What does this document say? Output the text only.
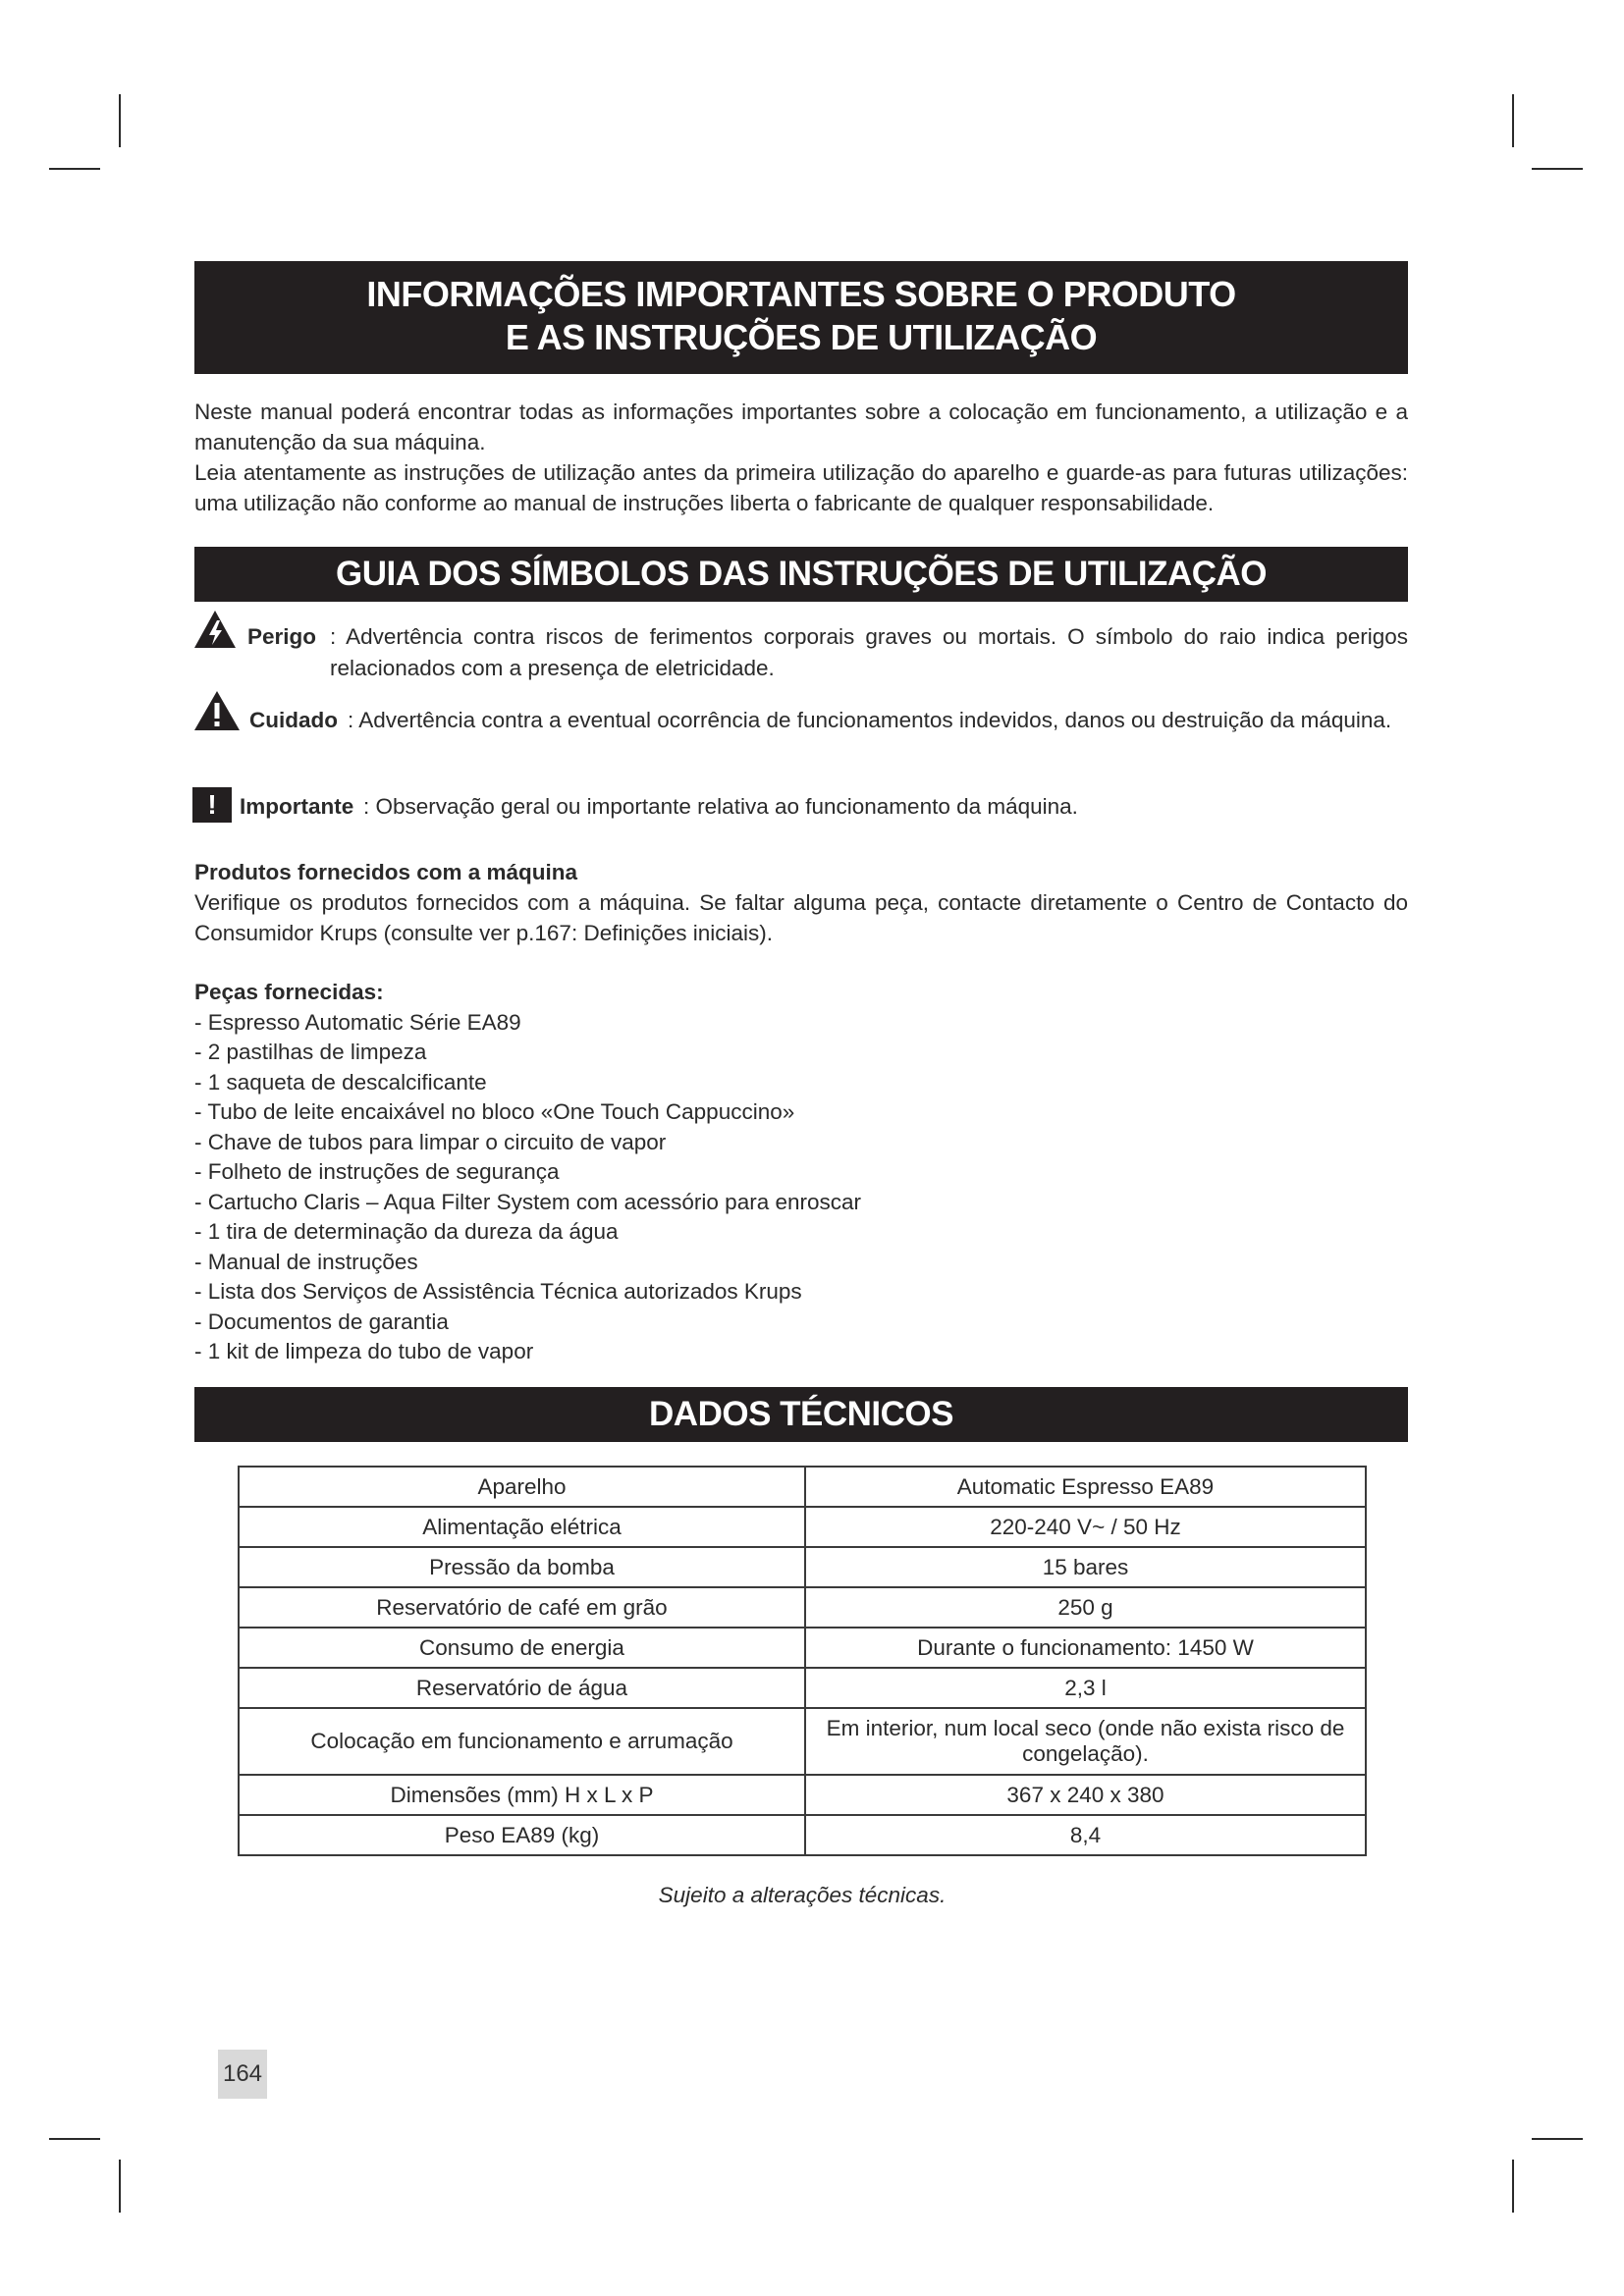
INFORMAÇÕES IMPORTANTES SOBRE O PRODUTO
E AS INSTRUÇÕES DE UTILIZAÇÃO

Neste manual poderá encontrar todas as informações importantes sobre a colocação em funcionamento, a utilização e a manutenção da sua máquina.

Leia atentamente as instruções de utilização antes da primeira utilização do aparelho e guarde-as para futuras utilizações: uma utilização não conforme ao manual de instruções liberta o fabricante de qualquer responsabilidade.

GUIA DOS SÍMBOLOS DAS INSTRUÇÕES DE UTILIZAÇÃO
Perigo : Advertência contra riscos de ferimentos corporais graves ou mortais. O símbolo do raio indica perigos relacionados com a presença de eletricidade.
Cuidado : Advertência contra a eventual ocorrência de funcionamentos indevidos, danos ou destruição da máquina.
!	Importante : Observação geral ou importante relativa ao funcionamento da máquina.
Produtos fornecidos com a máquina

Verifique os produtos fornecidos com a máquina. Se faltar alguma peça, contacte diretamente o Centro de Contacto do Consumidor Krups (consulte ver p.167: Definições iniciais).

Peças fornecidas:
- Espresso Automatic Série EA89
- 2 pastilhas de limpeza
- 1 saqueta de descalcificante
- Tubo de leite encaixável no bloco «One Touch Cappuccino»
- Chave de tubos para limpar o circuito de vapor
- Folheto de instruções de segurança
- Cartucho Claris – Aqua Filter System com acessório para enroscar
- 1 tira de determinação da dureza da água
- Manual de instruções
- Lista dos Serviços de Assistência Técnica autorizados Krups
- Documentos de garantia
- 1 kit de limpeza do tubo de vapor
DADOS TÉCNICOS
Aparelho	Automatic Espresso EA89
Alimentação elétrica	220-240 V~ / 50 Hz
Pressão da bomba	15 bares
Reservatório de café em grão	250 g
Consumo de energia	Durante o funcionamento: 1450 W
Reservatório de água	2,3 l
Colocação em funcionamento e arrumação	Em interior, num local seco (onde não exista risco de congelação).
Dimensões (mm) H x L x P	367 x 240 x 380
Peso EA89 (kg)	8,4
Sujeito a alterações técnicas.
164
